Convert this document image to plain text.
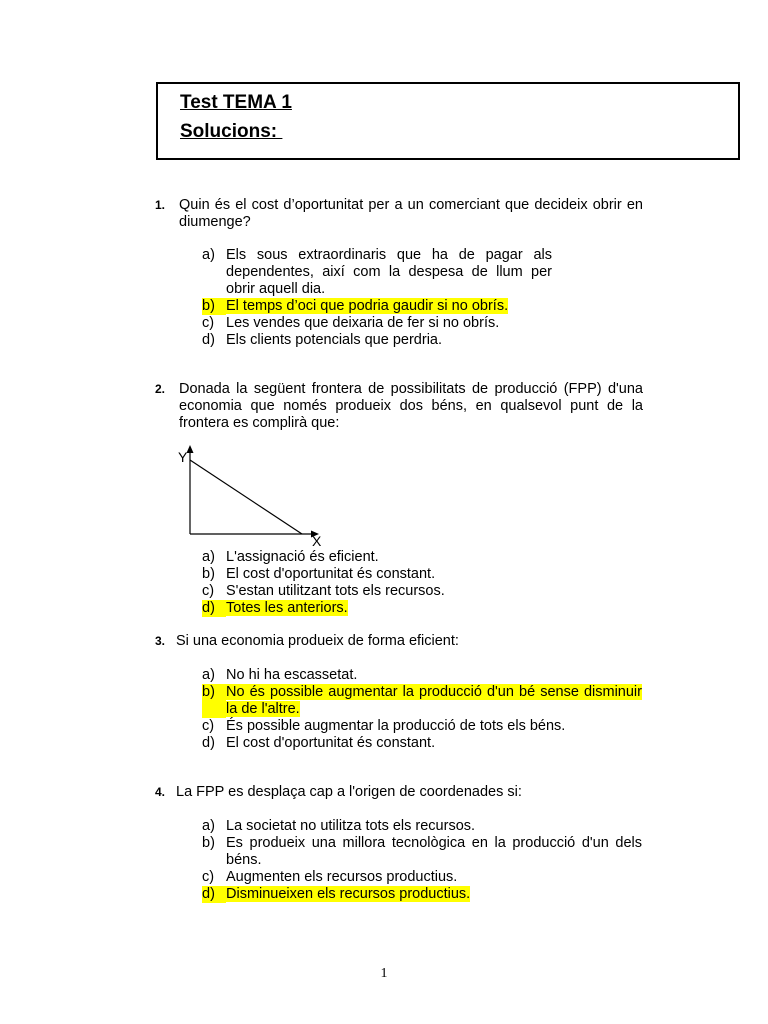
Test TEMA 1
Solucions:
1. Quin és el cost d’oportunitat per a un comerciant que decideix obrir en diumenge?
a) Els sous extraordinaris que ha de pagar als dependentes, així com la despesa de llum per obrir aquell dia.
b) El temps d’oci que podria gaudir si no obrís.
c) Les vendes que deixaria de fer si no obrís.
d) Els clients potencials que perdria.
2. Donada la següent frontera de possibilitats de producció (FPP) d'una economia que només produeix dos béns, en qualsevol punt de la frontera es complirà que:
Y
X
a) L'assignació és eficient.
b) El cost d'oportunitat és constant.
c) S'estan utilitzant tots els recursos.
d) Totes les anteriors.
3. Si una economia produeix de forma eficient:
a) No hi ha escassetat.
b) No és possible augmentar la producció d'un bé sense disminuir la de l'altre.
c) És possible augmentar la producció de tots els béns.
d) El cost d'oportunitat és constant.
4. La FPP es desplaça cap a l'origen de coordenades si:
a) La societat no utilitza tots els recursos.
b) Es produeix una millora tecnològica en la producció d'un dels béns.
c) Augmenten els recursos productius.
d) Disminueixen els recursos productius.
1
